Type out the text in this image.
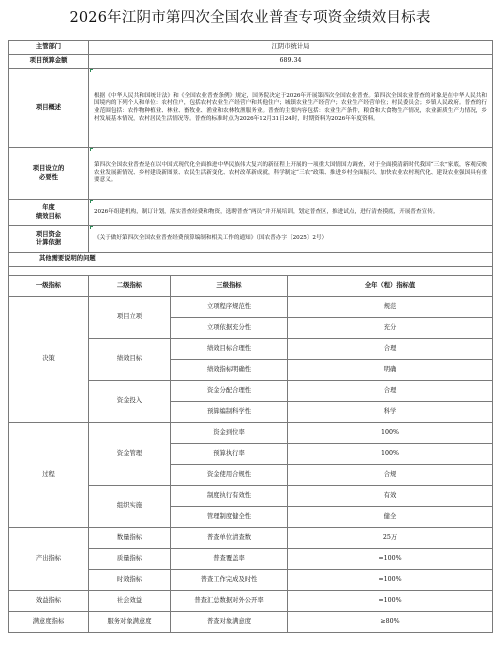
2026年江阴市第四次全国农业普查专项资金绩效目标表
主管部门	江阴市统计局		
项目预算金额	689.34		
项目概述	根据《中华人民共和国统计法》和《全国农业普查条例》规定，国务院决定于2026年开展第四次全国农业普查。第四次全国农业普查的对象是在中华人民共和国境内的下列个人和单位：农村住户，包括农村农业生产经营户和其他住户；城镇农业生产经营户；农业生产经营单位；村民委员会；乡镇人民政府。普查的行业范围包括：农作物种植业、林业、畜牧业、渔业和农林牧渔服务业。普查的主要内容包括：农业生产条件，粮食和大食物生产情况，农业新质生产力情况，乡村发展基本情况，农村居民生活情况等。普查的标准时点为2026年12月31日24时，时期资料为2026年年度资料。		

项目设立的
必要性	第四次全国农业普查是在以中国式现代化全面推进中华民族伟大复兴的新征程上开展的一项重大国情国力调查，对于全面摸清新时代我国“三农”家底，客观反映农业发展新情况、乡村建设新图景、农民生活新变化、农村改革新成就，科学制定“三农”政策、推进乡村全面振兴、加快农业农村现代化、建设农业强国具有重要意义。		

年度
绩效目标	2026年组建机构，制订计划，落实普查经费和物资，选聘普查“两员”并开展培训，划定普查区，推进试点，进行清查摸底，开展普查宣传。		

项目资金
计算依据	《关于做好第四次全国农业普查经费预算编制和相关工作的通知》（国农普办字〔2025〕2号）		
其他需要说明的问题			

一级指标	二级指标	三级指标	全年（程）指标值
决策	项目立项	立项程序规范性	规范
		立项依据充分性	充分
	绩效目标	绩效目标合理性	合理
		绩效指标明确性	明确
	资金投入	资金分配合理性	合理
		预算编制科学性	科学
过程	资金管理	资金到位率	100%
		预算执行率	100%
		资金使用合规性	合规
	组织实施	制度执行有效性	有效
		管理制度健全性	健全
产出指标	数量指标	普查单位清查数	25万
	质量指标	普查覆盖率	=100%
	时效指标	普查工作完成及时性	=100%
效益指标	社会效益	普查汇总数据对外公开率	=100%
满意度指标	服务对象满意度	普查对象满意度	≥80%
